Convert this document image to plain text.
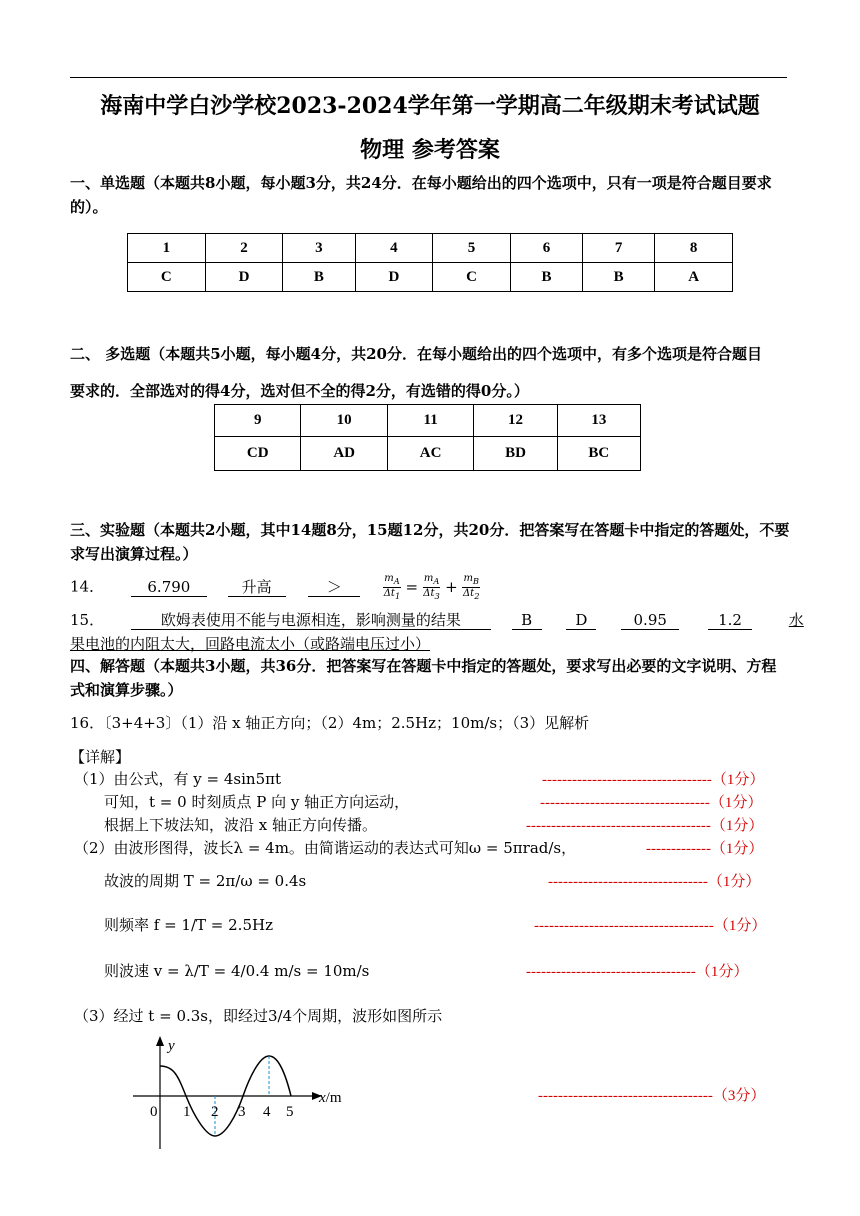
海南中学白沙学校2023-2024学年第一学期高二年级期末考试试题
物理 参考答案
一、单选题（本题共8小题，每小题3分，共24分．在每小题给出的四个选项中，只有一项是符合题目要求的）。
1	2	3	4	5	6	7	8
C	D	B	D	C	B	B	A
二、 多选题（本题共5小题，每小题4分，共20分．在每小题给出的四个选项中，有多个选项是符合题目
要求的．全部选对的得4分，选对但不全的得2分，有选错的得0分。）
9	10	11	12	13
CD	AD	AC	BD	BC
三、实验题（本题共2小题，其中14题8分，15题12分，共20分．把答案写在答题卡中指定的答题处，不要求写出演算过程。）
14．	6.790	升高	＞	$\frac{m_A}{\Delta t_1} = \frac{m_A}{\Delta t_3} + \frac{m_B}{\Delta t_2}$
15．	欧姆表使用不能与电源相连，影响测量的结果	B	D	0.95	1.2	水
果电池的内阻太大，回路电流太小（或路端电压过小）
四、解答题（本题共3小题，共36分．把答案写在答题卡中指定的答题处，要求写出必要的文字说明、方程式和演算步骤。）
16．〔3+4+3〕（1）沿 x 轴正方向；（2）4m；2.5Hz；10m/s；（3）见解析
【详解】
（1）由公式，有 y = 4sin5πt
可知，t = 0 时刻质点 P 向 y 轴正方向运动，
根据上下坡法知，波沿 x 轴正方向传播。
（2）由波形图得，波长λ = 4m。由简谐运动的表达式可知ω = 5πrad/s，
故波的周期 T = 2π/ω = 0.4s
则频率 f = 1/T = 2.5Hz
则波速 v = λ/T = 4/0.4 m/s = 10m/s
（3）经过 t = 0.3s，即经过3/4个周期，波形如图所示
----------------------------------（1分）
----------------------------------（1分）
-------------------------------------（1分）
-------------（1分）
--------------------------------（1分）
------------------------------------（1分）
----------------------------------（1分）
-----------------------------------（3分）
y
x/m
0 1 2 3 4 5
